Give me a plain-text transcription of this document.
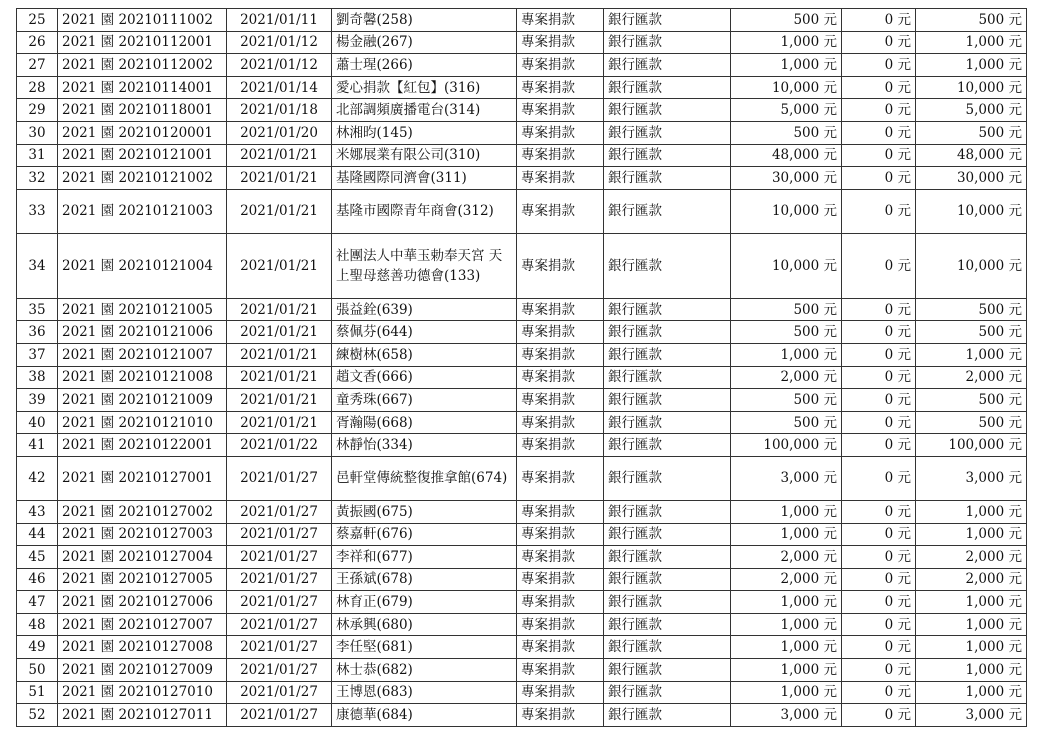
25	2021 園 20210111002	2021/01/11	劉奇馨(258)	專案捐款	銀行匯款	500 元	0 元	500 元
26	2021 園 20210112001	2021/01/12	楊金融(267)	專案捐款	銀行匯款	1,000 元	0 元	1,000 元
27	2021 園 20210112002	2021/01/12	蕭士瑆(266)	專案捐款	銀行匯款	1,000 元	0 元	1,000 元
28	2021 園 20210114001	2021/01/14	愛心捐款【紅包】(316)	專案捐款	銀行匯款	10,000 元	0 元	10,000 元
29	2021 園 20210118001	2021/01/18	北部調頻廣播電台(314)	專案捐款	銀行匯款	5,000 元	0 元	5,000 元
30	2021 園 20210120001	2021/01/20	林湘昀(145)	專案捐款	銀行匯款	500 元	0 元	500 元
31	2021 園 20210121001	2021/01/21	米娜展業有限公司(310)	專案捐款	銀行匯款	48,000 元	0 元	48,000 元
32	2021 園 20210121002	2021/01/21	基隆國際同濟會(311)	專案捐款	銀行匯款	30,000 元	0 元	30,000 元
33	2021 園 20210121003	2021/01/21	基隆市國際青年商會(312)	專案捐款	銀行匯款	10,000 元	0 元	10,000 元
34	2021 園 20210121004	2021/01/21	社團法人中華玉勅奉天宮 天上聖母慈善功德會(133)	專案捐款	銀行匯款	10,000 元	0 元	10,000 元
35	2021 園 20210121005	2021/01/21	張益銓(639)	專案捐款	銀行匯款	500 元	0 元	500 元
36	2021 園 20210121006	2021/01/21	蔡佩芬(644)	專案捐款	銀行匯款	500 元	0 元	500 元
37	2021 園 20210121007	2021/01/21	練樹林(658)	專案捐款	銀行匯款	1,000 元	0 元	1,000 元
38	2021 園 20210121008	2021/01/21	趙文香(666)	專案捐款	銀行匯款	2,000 元	0 元	2,000 元
39	2021 園 20210121009	2021/01/21	童秀珠(667)	專案捐款	銀行匯款	500 元	0 元	500 元
40	2021 園 20210121010	2021/01/21	胥瀚陽(668)	專案捐款	銀行匯款	500 元	0 元	500 元
41	2021 園 20210122001	2021/01/22	林靜怡(334)	專案捐款	銀行匯款	100,000 元	0 元	100,000 元
42	2021 園 20210127001	2021/01/27	邑軒堂傳統整復推拿館(674)	專案捐款	銀行匯款	3,000 元	0 元	3,000 元
43	2021 園 20210127002	2021/01/27	黃振國(675)	專案捐款	銀行匯款	1,000 元	0 元	1,000 元
44	2021 園 20210127003	2021/01/27	蔡嘉軒(676)	專案捐款	銀行匯款	1,000 元	0 元	1,000 元
45	2021 園 20210127004	2021/01/27	李祥和(677)	專案捐款	銀行匯款	2,000 元	0 元	2,000 元
46	2021 園 20210127005	2021/01/27	王孫斌(678)	專案捐款	銀行匯款	2,000 元	0 元	2,000 元
47	2021 園 20210127006	2021/01/27	林育正(679)	專案捐款	銀行匯款	1,000 元	0 元	1,000 元
48	2021 園 20210127007	2021/01/27	林承興(680)	專案捐款	銀行匯款	1,000 元	0 元	1,000 元
49	2021 園 20210127008	2021/01/27	李任堅(681)	專案捐款	銀行匯款	1,000 元	0 元	1,000 元
50	2021 園 20210127009	2021/01/27	林士恭(682)	專案捐款	銀行匯款	1,000 元	0 元	1,000 元
51	2021 園 20210127010	2021/01/27	王博恩(683)	專案捐款	銀行匯款	1,000 元	0 元	1,000 元
52	2021 園 20210127011	2021/01/27	康德華(684)	專案捐款	銀行匯款	3,000 元	0 元	3,000 元
